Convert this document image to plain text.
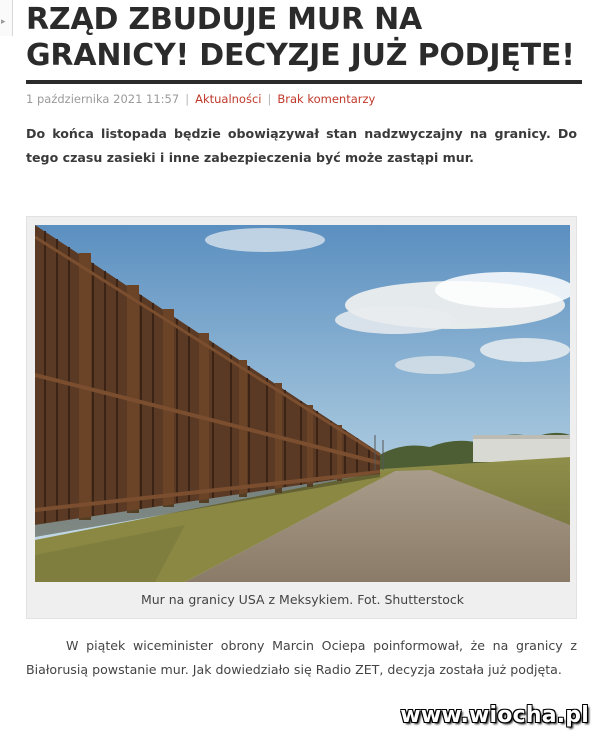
▸ RZĄD ZBUDUJE MUR NA GRANICY! DECYZJE JUŻ PODJĘTE!
1 października 2021 11:57 | Aktualności | Brak komentarzy

Do końca listopada będzie obowiązywał stan nadzwyczajny na granicy. Do tego czasu zasieki i inne zabezpieczenia być może zastąpi mur.

Mur na granicy USA z Meksykiem. Fot. Shutterstock

W piątek wiceminister obrony Marcin Ociepa poinformował, że na granicy z Białorusią powstanie mur. Jak dowiedziało się Radio ZET, decyzja została już podjęta.

www.wiocha.pl
